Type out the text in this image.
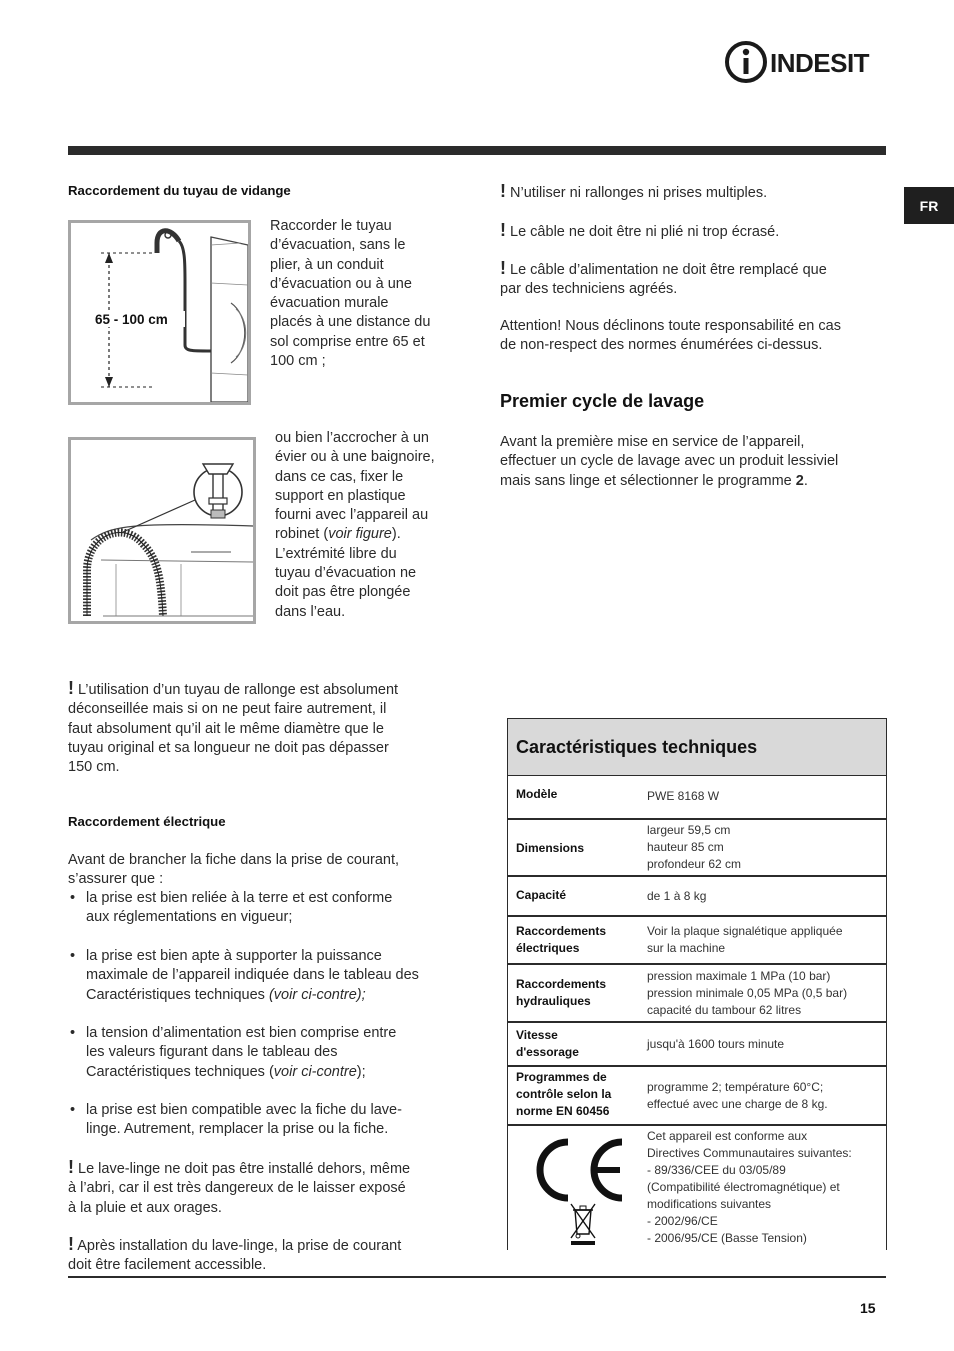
INDESIT
FR
Raccordement du tuyau de vidange
65 - 100 cm
Raccorder le tuyau
d’évacuation, sans le
plier, à un conduit
d’évacuation ou à une
évacuation murale
placés à une distance du
sol comprise entre 65 et
100 cm ;
ou bien l’accrocher à un
évier ou à une baignoire,
dans ce cas, fixer le
support en plastique
fourni avec l’appareil au
robinet (voir figure).
L’extrémité libre du
tuyau d’évacuation ne
doit pas être plongée
dans l’eau.
! L’utilisation d’un tuyau de rallonge est absolument
déconseillée mais si on ne peut faire autrement, il
faut absolument qu’il ait le même diamètre que le
tuyau original et sa longueur ne doit pas dépasser
150 cm.
Raccordement électrique
Avant de brancher la fiche dans la prise de courant,
s’assurer que :
• la prise est bien reliée à la terre et est conforme
aux réglementations en vigueur;
• la prise est bien apte à supporter la puissance
maximale de l’appareil indiquée dans le tableau des
Caractéristiques techniques (voir ci-contre);
• la tension d’alimentation est bien comprise entre
les valeurs figurant dans le tableau des
Caractéristiques techniques (voir ci-contre);
• la prise est bien compatible avec la fiche du lave-
linge. Autrement, remplacer la prise ou la fiche.
! Le lave-linge ne doit pas être installé dehors, même
à l’abri, car il est très dangereux de le laisser exposé
à la pluie et aux orages.
! Après installation du lave-linge, la prise de courant
doit être facilement accessible.
! N’utiliser ni rallonges ni prises multiples.
! Le câble ne doit être ni plié ni trop écrasé.
! Le câble d’alimentation ne doit être remplacé que
par des techniciens agréés.
Attention! Nous déclinons toute responsabilité en cas
de non-respect des normes énumérées ci-dessus.
Premier cycle de lavage
Avant la première mise en service de l’appareil,
effectuer un cycle de lavage avec un produit lessiviel
mais sans linge et sélectionner le programme 2.
Caractéristiques techniques
Modèle	PWE 8168 W
Dimensions
largeur 59,5 cm
hauteur 85 cm
profondeur 62 cm
Capacité	de 1 à 8 kg
Raccordements
électriques
Voir la plaque signalétique appliquée
sur la machine
Raccordements
hydrauliques
pression maximale 1 MPa (10 bar)
pression minimale 0,05 MPa (0,5 bar)
capacité du tambour 62 litres
Vitesse
d'essorage
jusqu'à 1600 tours minute
Programmes de
contrôle selon la
norme EN 60456
programme 2; température 60°C;
effectué avec une charge de 8 kg.
Cet appareil est conforme aux
Directives Communautaires suivantes:
- 89/336/CEE du 03/05/89
(Compatibilité électromagnétique) et
modifications suivantes
- 2002/96/CE
- 2006/95/CE (Basse Tension)
15
